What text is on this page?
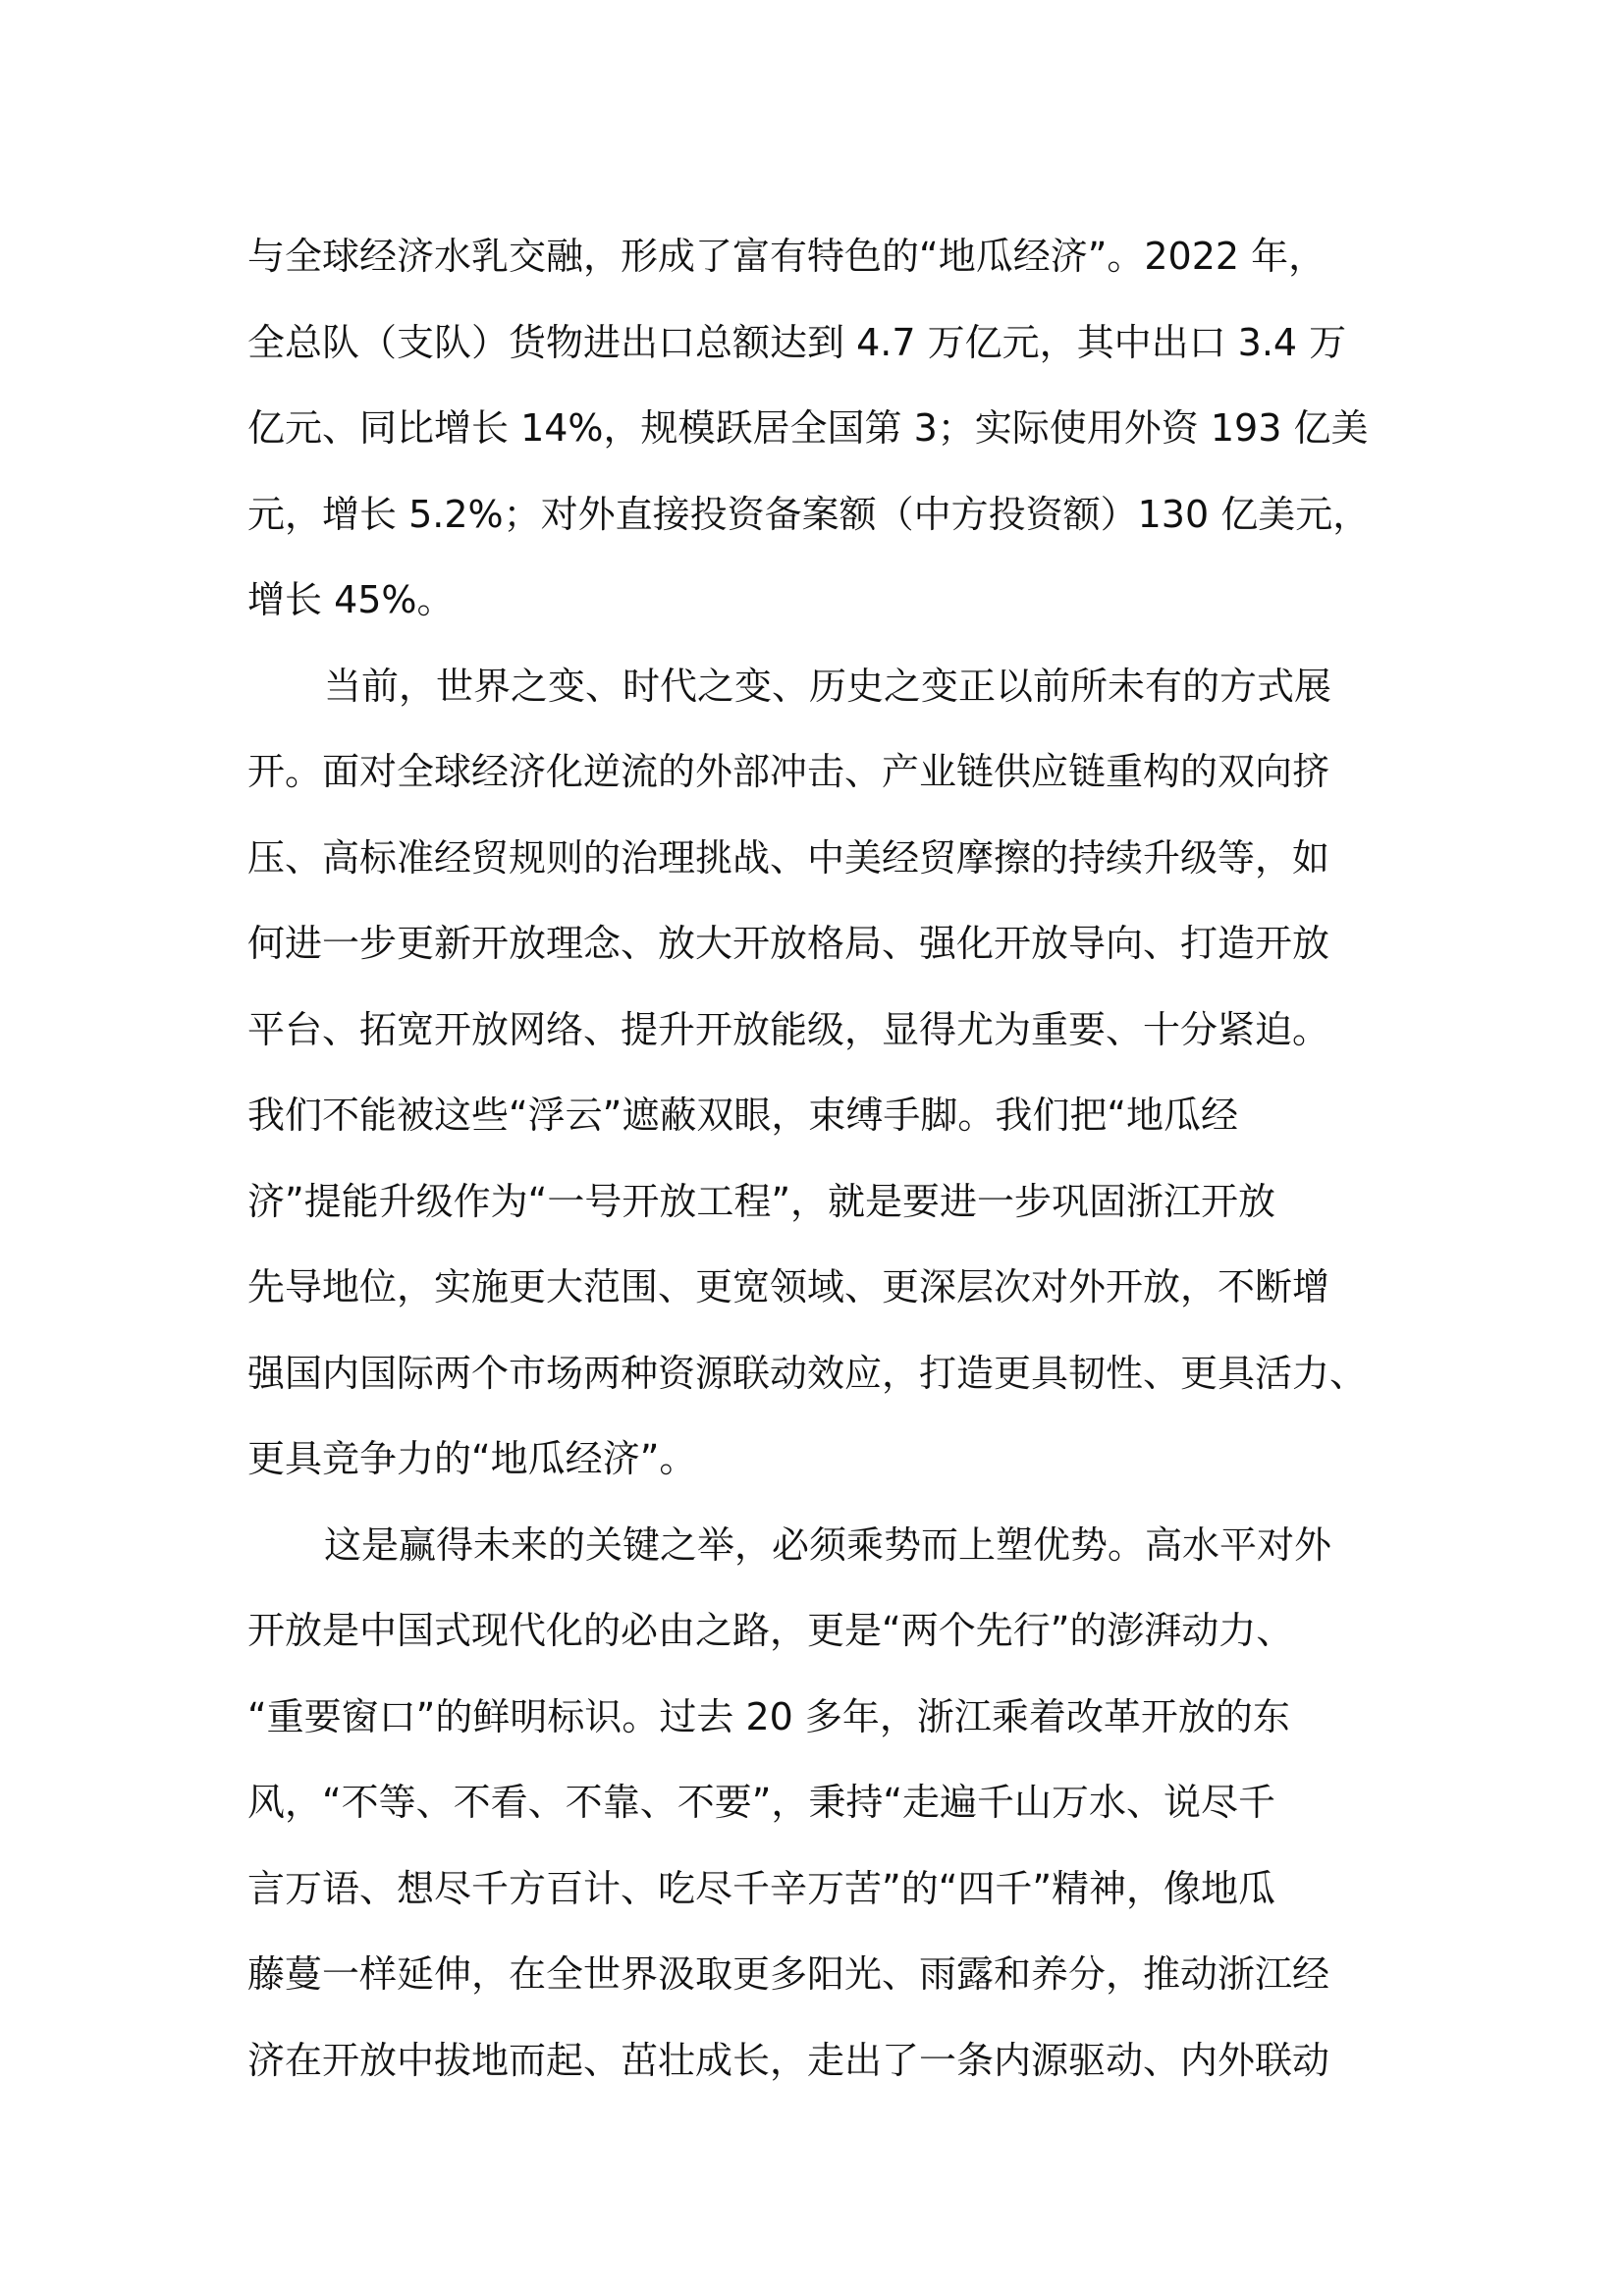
与全球经济水乳交融，形成了富有特色的“地瓜经济”。2022 年，
全总队（支队）货物进出口总额达到 4.7 万亿元，其中出口 3.4 万
亿元、同比增长 14%，规模跃居全国第 3；实际使用外资 193 亿美
元，增长 5.2%；对外直接投资备案额（中方投资额）130 亿美元，
增长 45%。
当前，世界之变、时代之变、历史之变正以前所未有的方式展
开。面对全球经济化逆流的外部冲击、产业链供应链重构的双向挤
压、高标准经贸规则的治理挑战、中美经贸摩擦的持续升级等，如
何进一步更新开放理念、放大开放格局、强化开放导向、打造开放
平台、拓宽开放网络、提升开放能级，显得尤为重要、十分紧迫。
我们不能被这些“浮云”遮蔽双眼，束缚手脚。我们把“地瓜经
济”提能升级作为“一号开放工程”，就是要进一步巩固浙江开放
先导地位，实施更大范围、更宽领域、更深层次对外开放，不断增
强国内国际两个市场两种资源联动效应，打造更具韧性、更具活力、
更具竞争力的“地瓜经济”。
这是赢得未来的关键之举，必须乘势而上塑优势。高水平对外
开放是中国式现代化的必由之路，更是“两个先行”的澎湃动力、
“重要窗口”的鲜明标识。过去 20 多年，浙江乘着改革开放的东
风，“不等、不看、不靠、不要”，秉持“走遍千山万水、说尽千
言万语、想尽千方百计、吃尽千辛万苦”的“四千”精神，像地瓜
藤蔓一样延伸，在全世界汲取更多阳光、雨露和养分，推动浙江经
济在开放中拔地而起、茁壮成长，走出了一条内源驱动、内外联动
